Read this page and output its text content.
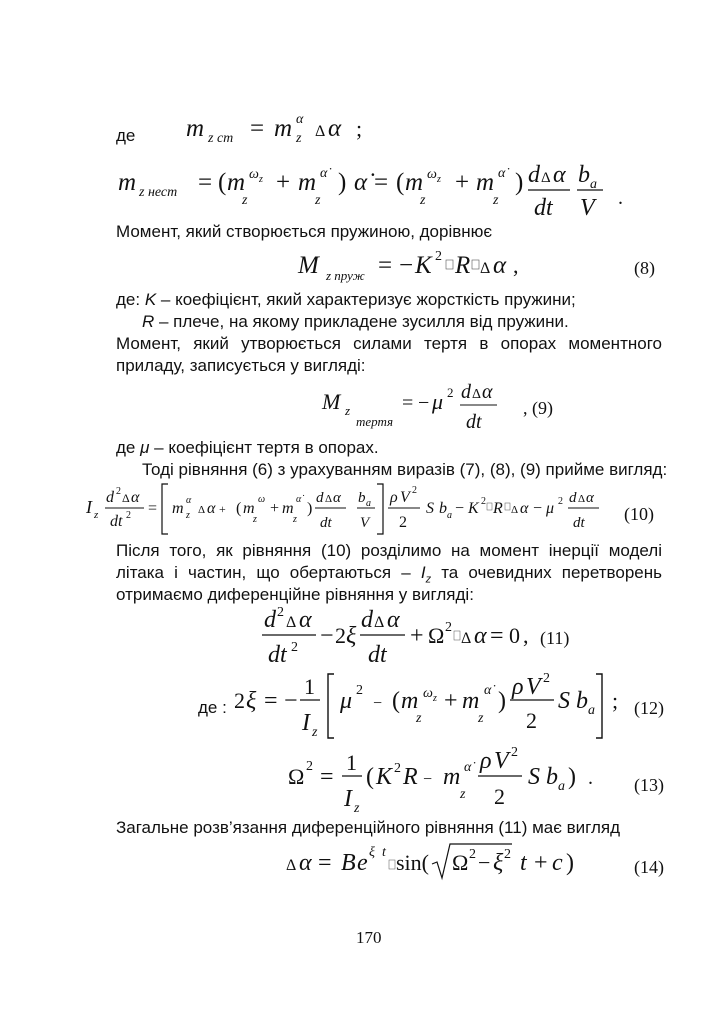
де m z ст = m α
z Δ α ;
m z нест = ( m ω z
z
+ m α̇
z
) α̇ = ( m ω z
z
+ m α̇
z
) d Δ α
dt
b a
V .
Момент, який створюється пружиною, дорівнює
M z пруж = − K 2 R Δ α ,	(8)
де: K – коефіцієнт, який характеризує жорсткість пружини;
R – плече, на якому прикладене зусилля від пружини.
Момент, який утворюється силами тертя в опорах моментного
приладу, записується у вигляді:
M z
тертя
= − μ 2 d Δ α
dt
, (9)
де μ – коефіцієнт тертя в опорах.
Тоді рівняння (6) з урахуванням виразів (7), (8), (9) прийме вигляд:
I z
d 2 Δ α
dt 2 = m α
z Δ α + ( m
ω
z
+ m
α̇
z
)
d Δ α
dt
b a
V
ρ V 2
2
S b a − K 2 R Δ α − μ 2 d Δ α
dt (10)
Після того, як рівняння (10) розділимо на момент інерції моделі
літака і частин, що обертаються – $I_z$ та очевидних перетворень
отримаємо диференційне рівняння у вигляді:
d 2
Δ α
dt 2 − 2 ξ
d Δ α
dt
+ Ω 2
Δ α = 0 , (11)
де : 2 ξ = −
1
I z
μ 2
− ( m ω z
z
+ m α̇
z
)
ρ V 2
2
S b a ; (12)
Ω 2 =
1
I z
( K 2 R − m α̇
z
ρ V 2
2
S b a ) . (13)
Загальне розв’язання диференційного рівняння (11) має вигляд
Δ α = B e ξ t sin( Ω 2 − ξ 2 t + c )	(14)
170
